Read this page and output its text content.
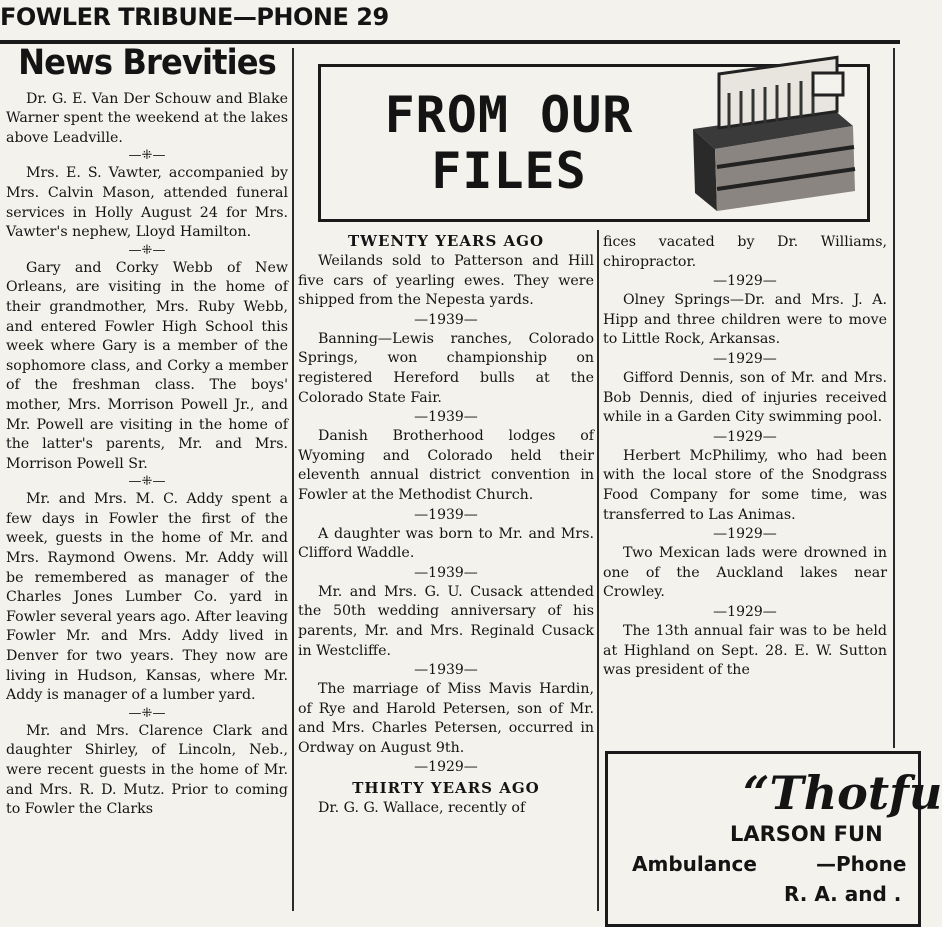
FOWLER TRIBUNE—PHONE 29
News Brevities

Dr. G. E. Van Der Schouw and Blake Warner spent the weekend at the lakes above Leadville.

—⁜—

Mrs. E. S. Vawter, accompanied by Mrs. Calvin Mason, attended funeral services in Holly August 24 for Mrs. Vawter's nephew, Lloyd Hamilton.

—⁜—

Gary and Corky Webb of New Orleans, are visiting in the home of their grandmother, Mrs. Ruby Webb, and entered Fowler High School this week where Gary is a member of the sophomore class, and Corky a member of the freshman class. The boys' mother, Mrs. Morrison Powell Jr., and Mr. Powell are visiting in the home of the latter's parents, Mr. and Mrs. Morrison Powell Sr.

—⁜—

Mr. and Mrs. M. C. Addy spent a few days in Fowler the first of the week, guests in the home of Mr. and Mrs. Raymond Owens. Mr. Addy will be remembered as manager of the Charles Jones Lumber Co. yard in Fowler several years ago. After leaving Fowler Mr. and Mrs. Addy lived in Denver for two years. They now are living in Hudson, Kansas, where Mr. Addy is manager of a lumber yard.

—⁜—

Mr. and Mrs. Clarence Clark and daughter Shirley, of Lincoln, Neb., were recent guests in the home of Mr. and Mrs. R. D. Mutz. Prior to coming to Fowler the Clarks

FROM OUR
FILES
TWENTY YEARS AGO

Weilands sold to Patterson and Hill five cars of yearling ewes. They were shipped from the Nepesta yards.

—1939—

Banning—Lewis ranches, Colorado Springs, won championship on registered Hereford bulls at the Colorado State Fair.

—1939—

Danish Brotherhood lodges of Wyoming and Colorado held their eleventh annual district convention in Fowler at the Methodist Church.

—1939—

A daughter was born to Mr. and Mrs. Clifford Waddle.

—1939—

Mr. and Mrs. G. U. Cusack attended the 50th wedding anniversary of his parents, Mr. and Mrs. Reginald Cusack in Westcliffe.

—1939—

The marriage of Miss Mavis Hardin, of Rye and Harold Petersen, son of Mr. and Mrs. Charles Petersen, occurred in Ordway on August 9th.

—1929—
THIRTY YEARS AGO

Dr. G. G. Wallace, recently of

fices vacated by Dr. Williams, chiropractor.

—1929—

Olney Springs—Dr. and Mrs. J. A. Hipp and three children were to move to Little Rock, Arkansas.

—1929—

Gifford Dennis, son of Mr. and Mrs. Bob Dennis, died of injuries received while in a Garden City swimming pool.

—1929—

Herbert McPhilimy, who had been with the local store of the Snodgrass Food Company for some time, was transferred to Las Animas.

—1929—

Two Mexican lads were drowned in one of the Auckland lakes near Crowley.

—1929—

The 13th annual fair was to be held at Highland on Sept. 28. E. W. Sutton was president of the

“Thotfu
LARSON FUN
Ambulance	—Phone
R. A. and .
